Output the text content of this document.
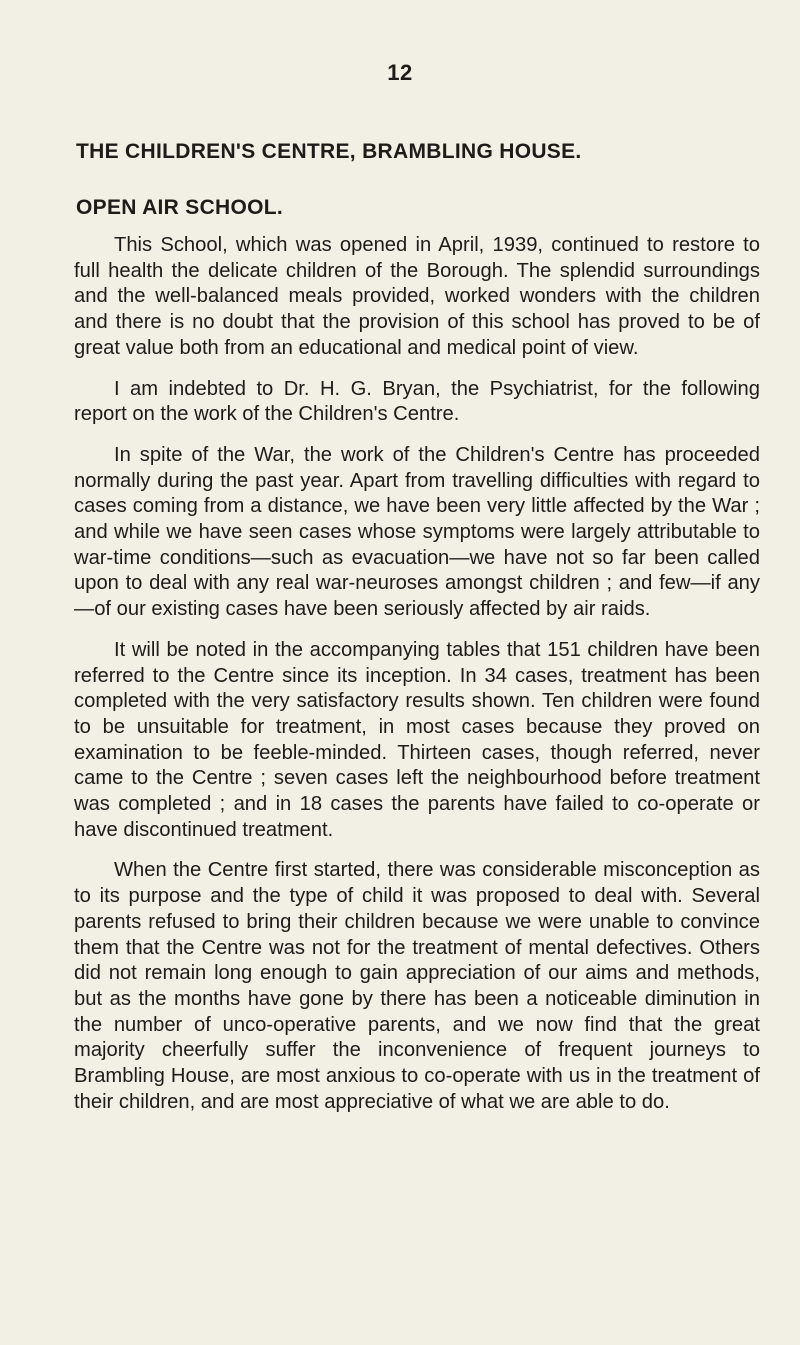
12
THE CHILDREN'S CENTRE, BRAMBLING HOUSE.
OPEN AIR SCHOOL.

This School, which was opened in April, 1939, continued to restore to full health the delicate children of the Borough. The splendid surroundings and the well-balanced meals provided, worked wonders with the children and there is no doubt that the provision of this school has proved to be of great value both from an educational and medical point of view.

I am indebted to Dr. H. G. Bryan, the Psychiatrist, for the following report on the work of the Children's Centre.

In spite of the War, the work of the Children's Centre has proceeded normally during the past year. Apart from travelling difficulties with regard to cases coming from a distance, we have been very little affected by the War ; and while we have seen cases whose symptoms were largely attributable to war-time conditions—such as evacuation—we have not so far been called upon to deal with any real war-neuroses amongst children ; and few—if any—of our existing cases have been seriously affected by air raids.

It will be noted in the accompanying tables that 151 children have been referred to the Centre since its inception. In 34 cases, treatment has been completed with the very satisfactory results shown. Ten children were found to be unsuitable for treatment, in most cases because they proved on examination to be feeble-minded. Thirteen cases, though referred, never came to the Centre ; seven cases left the neighbourhood before treatment was completed ; and in 18 cases the parents have failed to co-operate or have discontinued treatment.

When the Centre first started, there was considerable misconception as to its purpose and the type of child it was proposed to deal with. Several parents refused to bring their children because we were unable to convince them that the Centre was not for the treatment of mental defectives. Others did not remain long enough to gain appreciation of our aims and methods, but as the months have gone by there has been a noticeable diminution in the number of unco-operative parents, and we now find that the great majority cheerfully suffer the inconvenience of frequent journeys to Brambling House, are most anxious to co-operate with us in the treatment of their children, and are most appreciative of what we are able to do.
